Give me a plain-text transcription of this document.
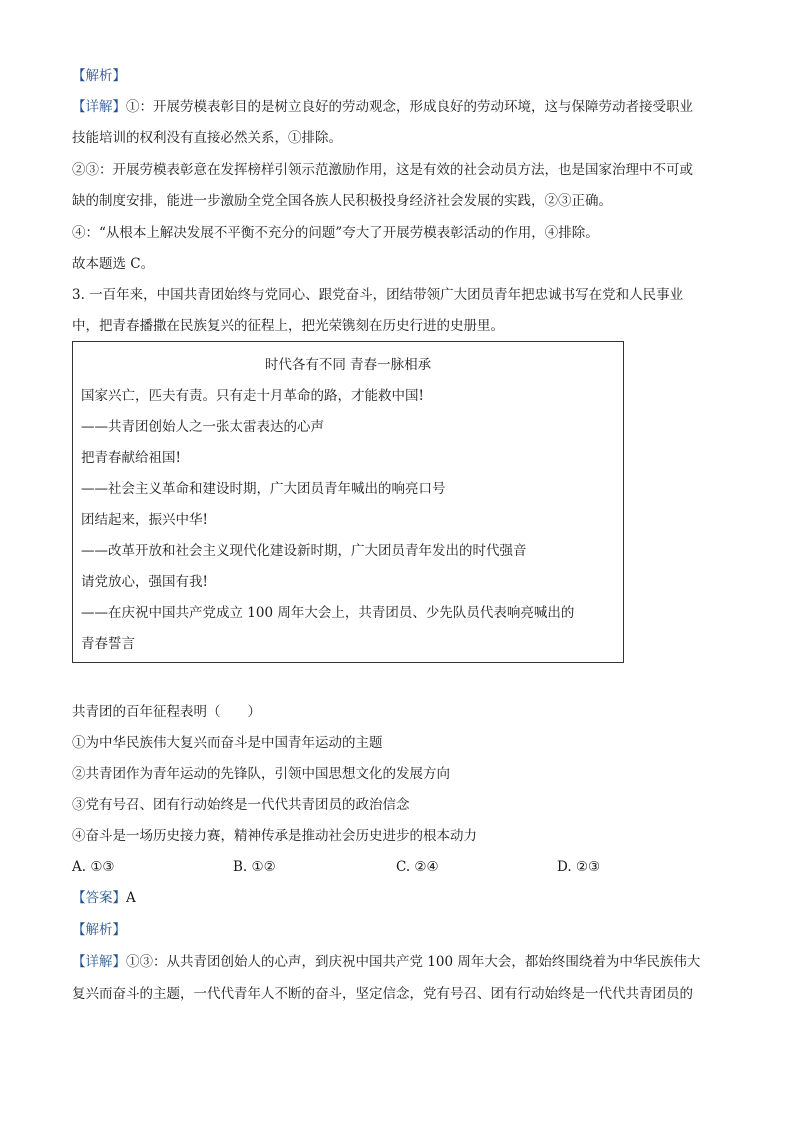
【解析】
【详解】①：开展劳模表彰目的是树立良好的劳动观念，形成良好的劳动环境，这与保障劳动者接受职业
技能培训的权利没有直接必然关系，①排除。
②③：开展劳模表彰意在发挥榜样引领示范激励作用，这是有效的社会动员方法，也是国家治理中不可或
缺的制度安排，能进一步激励全党全国各族人民积极投身经济社会发展的实践，②③正确。
④：“从根本上解决发展不平衡不充分的问题”夸大了开展劳模表彰活动的作用，④排除。
故本题选 C。
3. 一百年来，中国共青团始终与党同心、跟党奋斗，团结带领广大团员青年把忠诚书写在党和人民事业
中，把青春播撒在民族复兴的征程上，把光荣镌刻在历史行进的史册里。
时代各有不同 青春一脉相承
国家兴亡，匹夫有责。只有走十月革命的路，才能救中国!
——共青团创始人之一张太雷表达的心声
把青春献给祖国!
——社会主义革命和建设时期，广大团员青年喊出的响亮口号
团结起来，振兴中华!
——改革开放和社会主义现代化建设新时期，广大团员青年发出的时代强音
请党放心，强国有我!
——在庆祝中国共产党成立 100 周年大会上，共青团员、少先队员代表响亮喊出的
青春誓言
共青团的百年征程表明（　　）
①为中华民族伟大复兴而奋斗是中国青年运动的主题
②共青团作为青年运动的先锋队，引领中国思想文化的发展方向
③党有号召、团有行动始终是一代代共青团员的政治信念
④奋斗是一场历史接力赛，精神传承是推动社会历史进步的根本动力
A. ①③	B. ①②	C. ②④	D. ②③
【答案】A
【解析】
【详解】①③：从共青团创始人的心声，到庆祝中国共产党 100 周年大会，都始终围绕着为中华民族伟大
复兴而奋斗的主题，一代代青年人不断的奋斗，坚定信念，党有号召、团有行动始终是一代代共青团员的
